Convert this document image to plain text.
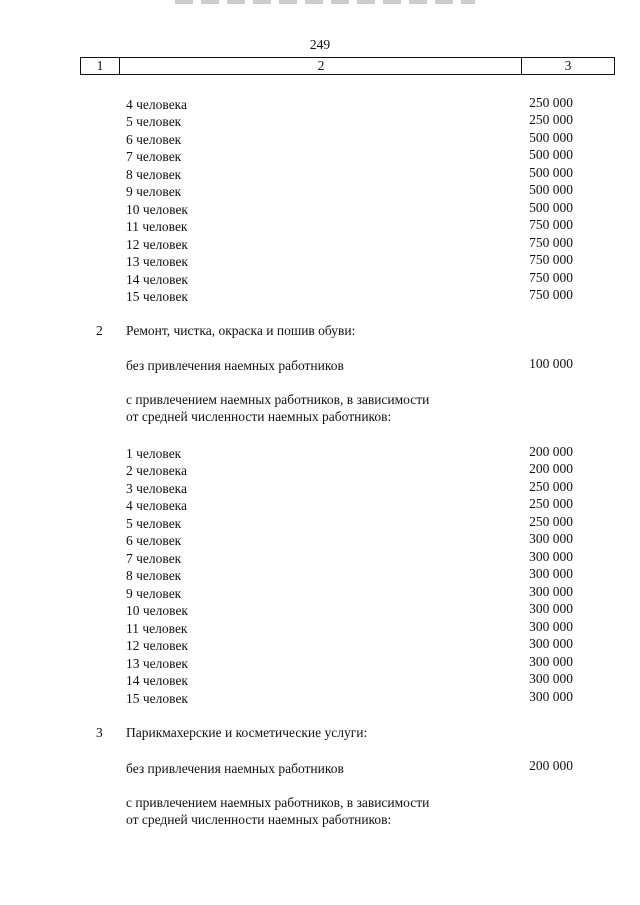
249
1	2	3
4 человека	250 000
5 человек	250 000
6 человек	500 000
7 человек	500 000
8 человек	500 000
9 человек	500 000
10 человек	500 000
11 человек	750 000
12 человек	750 000
13 человек	750 000
14 человек	750 000
15 человек	750 000
2 Ремонт, чистка, окраска и пошив обуви:
без привлечения наемных работников	100 000
с привлечением наемных работников, в зависимости
от средней численности наемных работников:
1 человек	200 000
2 человека	200 000
3 человека	250 000
4 человека	250 000
5 человек	250 000
6 человек	300 000
7 человек	300 000
8 человек	300 000
9 человек	300 000
10 человек	300 000
11 человек	300 000
12 человек	300 000
13 человек	300 000
14 человек	300 000
15 человек	300 000
3 Парикмахерские и косметические услуги:
без привлечения наемных работников	200 000
с привлечением наемных работников, в зависимости
от средней численности наемных работников:
